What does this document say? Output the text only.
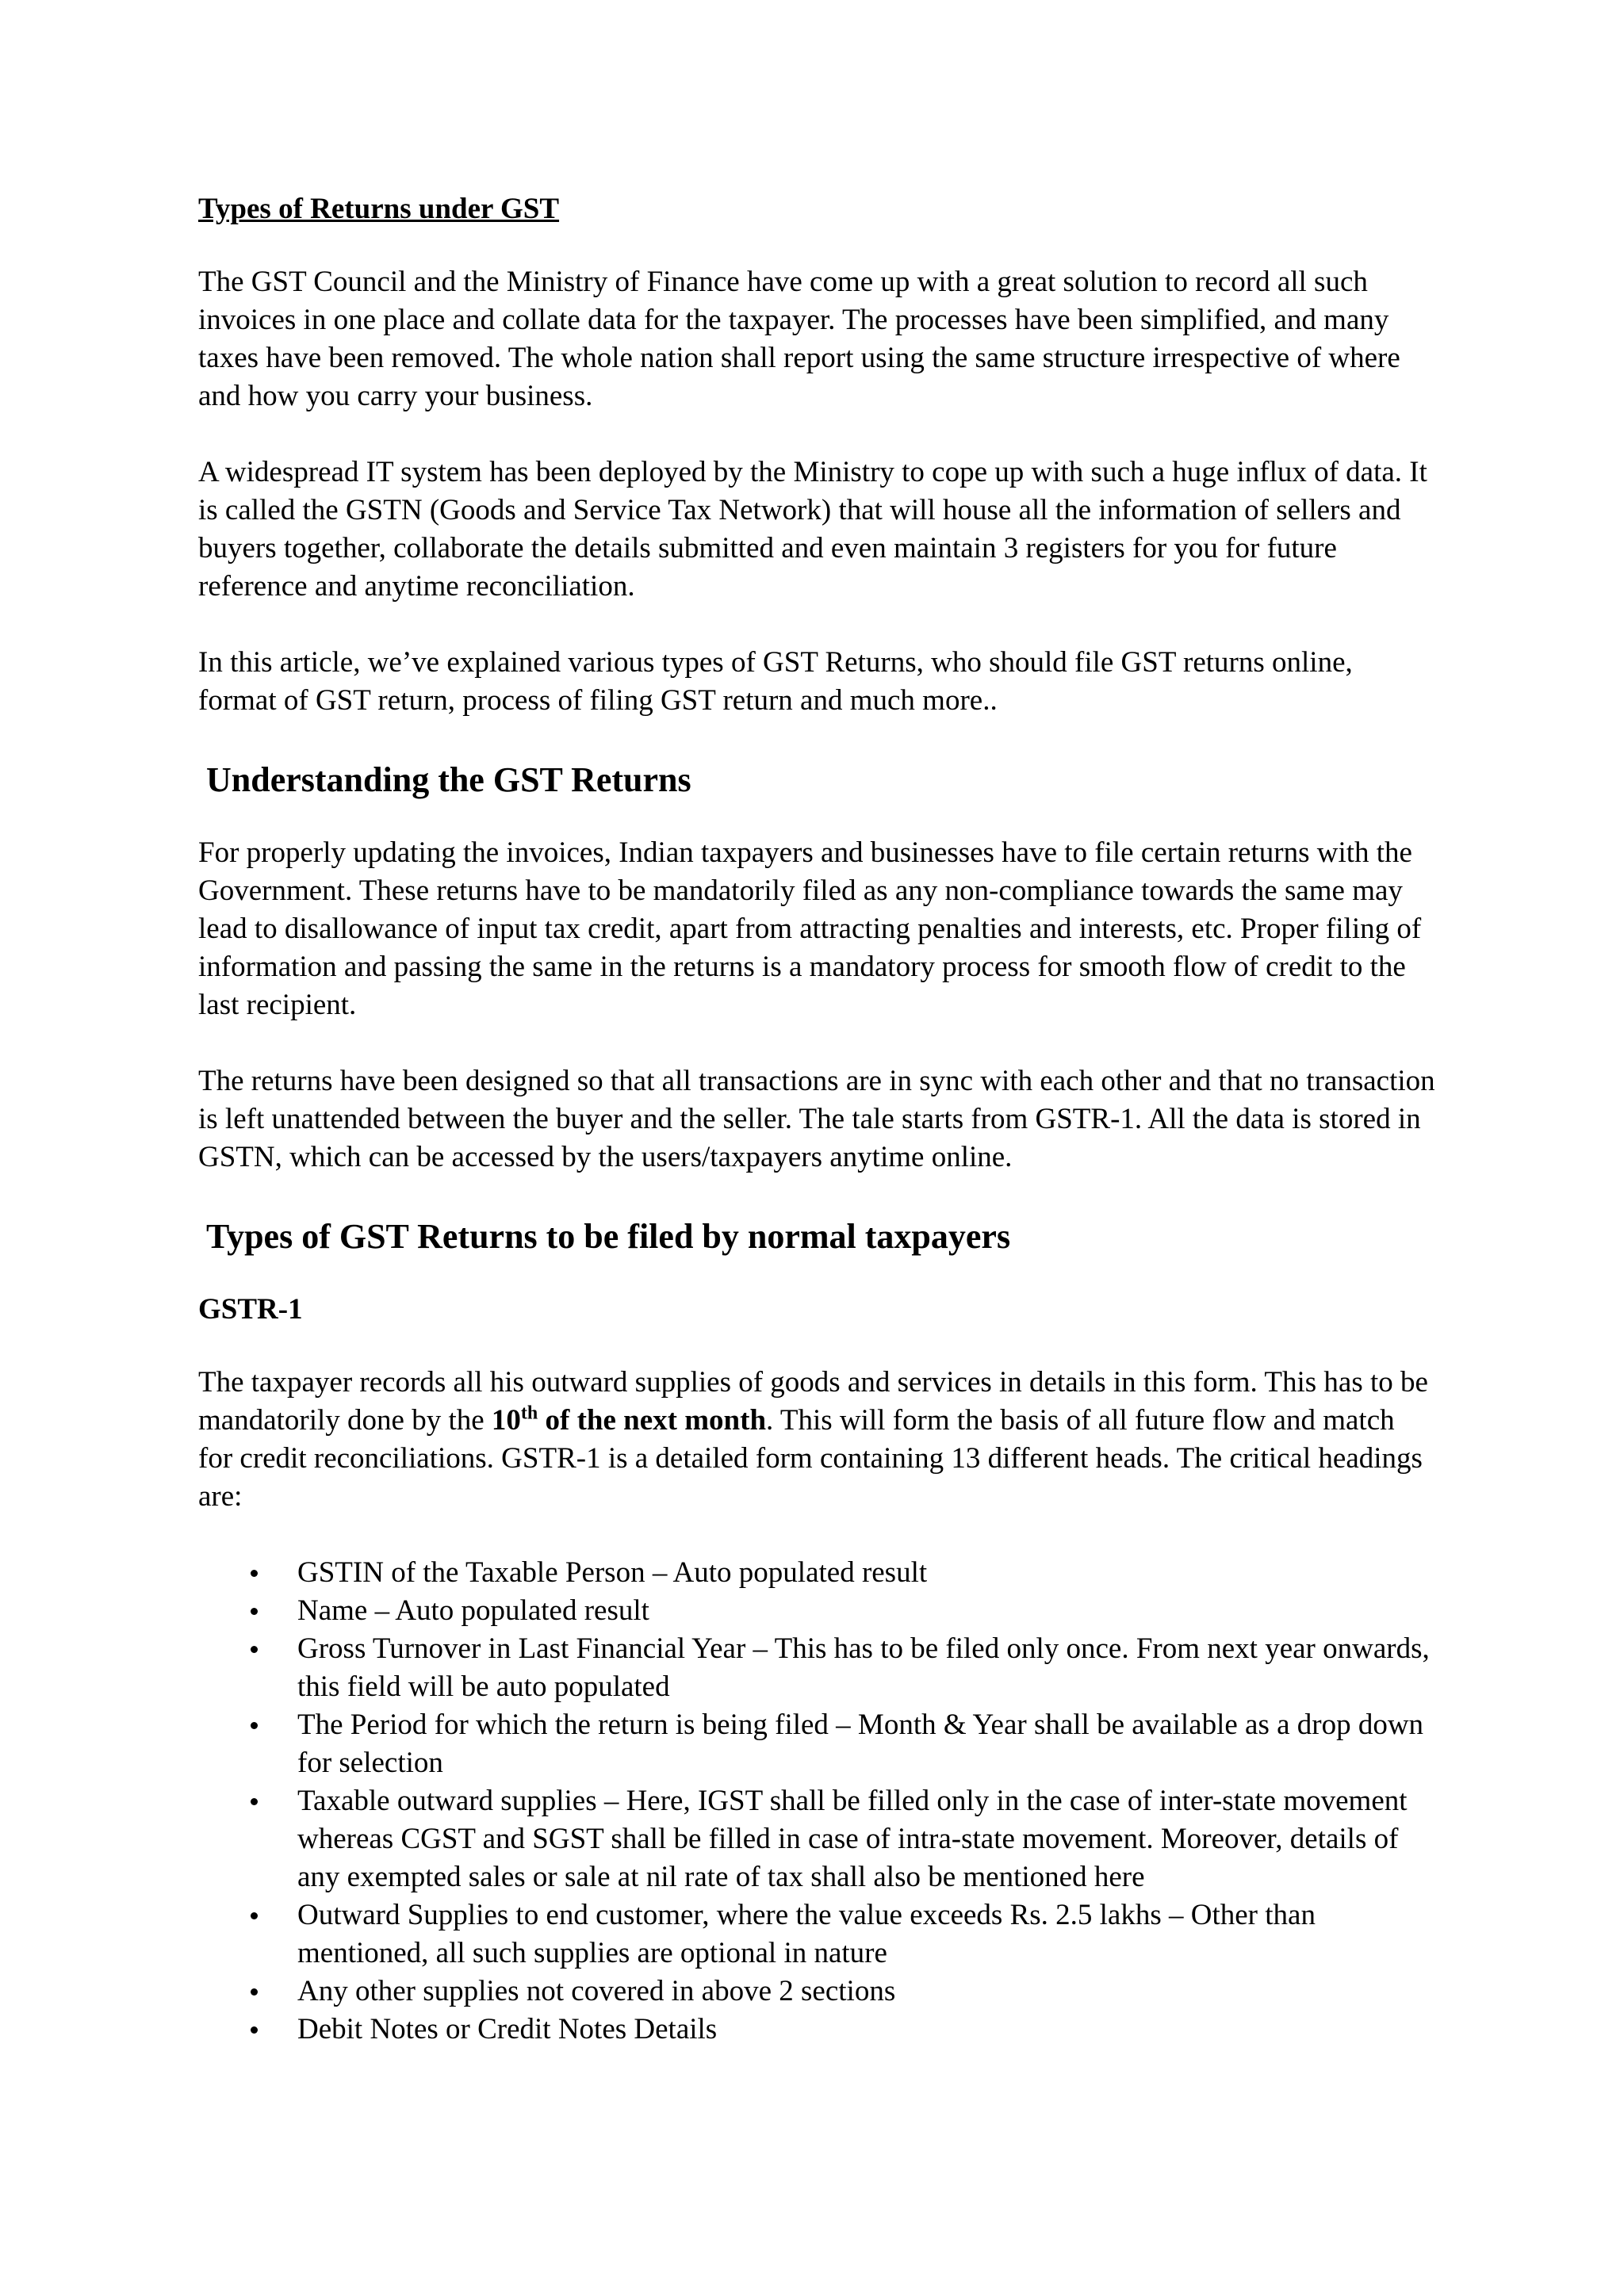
Types of Returns under GST

The GST Council and the Ministry of Finance have come up with a great solution to record all such invoices in one place and collate data for the taxpayer. The processes have been simplified, and many taxes have been removed. The whole nation shall report using the same structure irrespective of where and how you carry your business.

A widespread IT system has been deployed by the Ministry to cope up with such a huge influx of data. It is called the GSTN (Goods and Service Tax Network) that will house all the information of sellers and buyers together, collaborate the details submitted and even maintain 3 registers for you for future reference and anytime reconciliation.

In this article, we’ve explained various types of GST Returns, who should file GST returns online, format of GST return, process of filing GST return and much more..

Understanding the GST Returns

For properly updating the invoices, Indian taxpayers and businesses have to file certain returns with the Government. These returns have to be mandatorily filed as any non-compliance towards the same may lead to disallowance of input tax credit, apart from attracting penalties and interests, etc. Proper filing of information and passing the same in the returns is a mandatory process for smooth flow of credit to the last recipient.

The returns have been designed so that all transactions are in sync with each other and that no transaction is left unattended between the buyer and the seller. The tale starts from GSTR-1. All the data is stored in GSTN, which can be accessed by the users/taxpayers anytime online.

Types of GST Returns to be filed by normal taxpayers
GSTR-1

The taxpayer records all his outward supplies of goods and services in details in this form. This has to be mandatorily done by the 10th of the next month. This will form the basis of all future flow and match for credit reconciliations. GSTR-1 is a detailed form containing 13 different heads. The critical headings are:

GSTIN of the Taxable Person – Auto populated result
Name – Auto populated result
Gross Turnover in Last Financial Year – This has to be filed only once. From next year onwards, this field will be auto populated
The Period for which the return is being filed – Month & Year shall be available as a drop down for selection
Taxable outward supplies – Here, IGST shall be filled only in the case of inter-state movement whereas CGST and SGST shall be filled in case of intra-state movement. Moreover, details of any exempted sales or sale at nil rate of tax shall also be mentioned here
Outward Supplies to end customer, where the value exceeds Rs. 2.5 lakhs – Other than mentioned, all such supplies are optional in nature
Any other supplies not covered in above 2 sections
Debit Notes or Credit Notes Details
